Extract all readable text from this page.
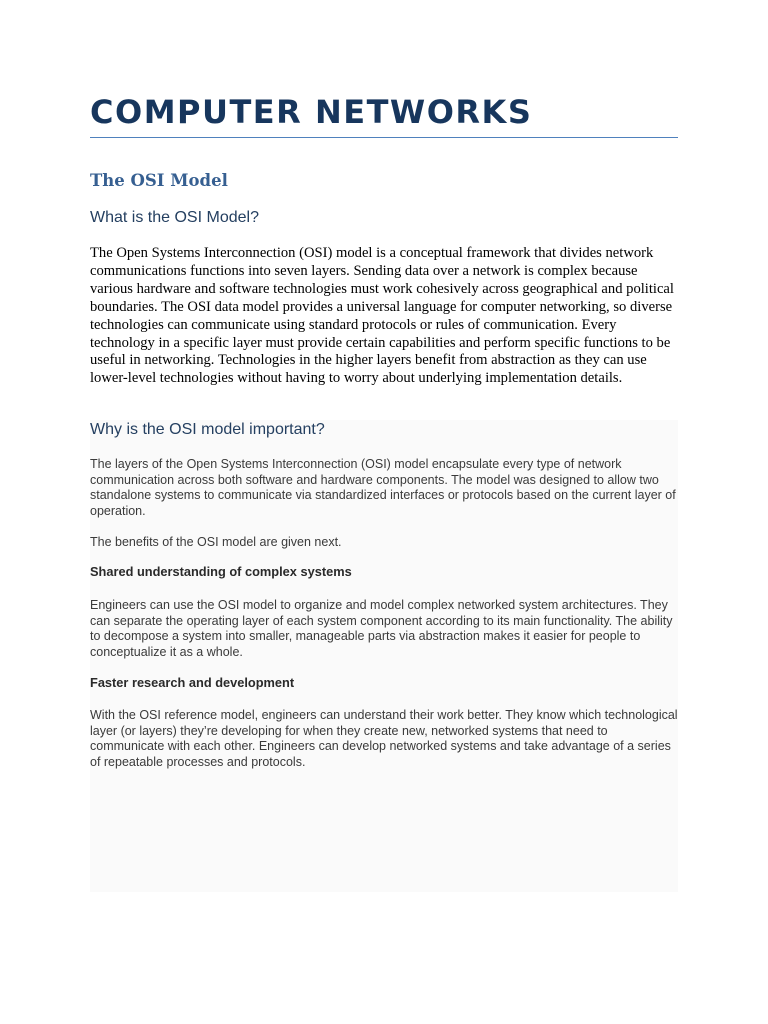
COMPUTER NETWORKS
The OSI Model
What is the OSI Model?

The Open Systems Interconnection (OSI) model is a conceptual framework that divides network communications functions into seven layers. Sending data over a network is complex because various hardware and software technologies must work cohesively across geographical and political boundaries. The OSI data model provides a universal language for computer networking, so diverse technologies can communicate using standard protocols or rules of communication. Every technology in a specific layer must provide certain capabilities and perform specific functions to be useful in networking. Technologies in the higher layers benefit from abstraction as they can use lower-level technologies without having to worry about underlying implementation details.

Why is the OSI model important?

The layers of the Open Systems Interconnection (OSI) model encapsulate every type of network communication across both software and hardware components. The model was designed to allow two standalone systems to communicate via standardized interfaces or protocols based on the current layer of operation.

The benefits of the OSI model are given next.

Shared understanding of complex systems

Engineers can use the OSI model to organize and model complex networked system architectures. They can separate the operating layer of each system component according to its main functionality. The ability to decompose a system into smaller, manageable parts via abstraction makes it easier for people to conceptualize it as a whole.

Faster research and development

With the OSI reference model, engineers can understand their work better. They know which technological layer (or layers) they’re developing for when they create new, networked systems that need to communicate with each other. Engineers can develop networked systems and take advantage of a series of repeatable processes and protocols.
